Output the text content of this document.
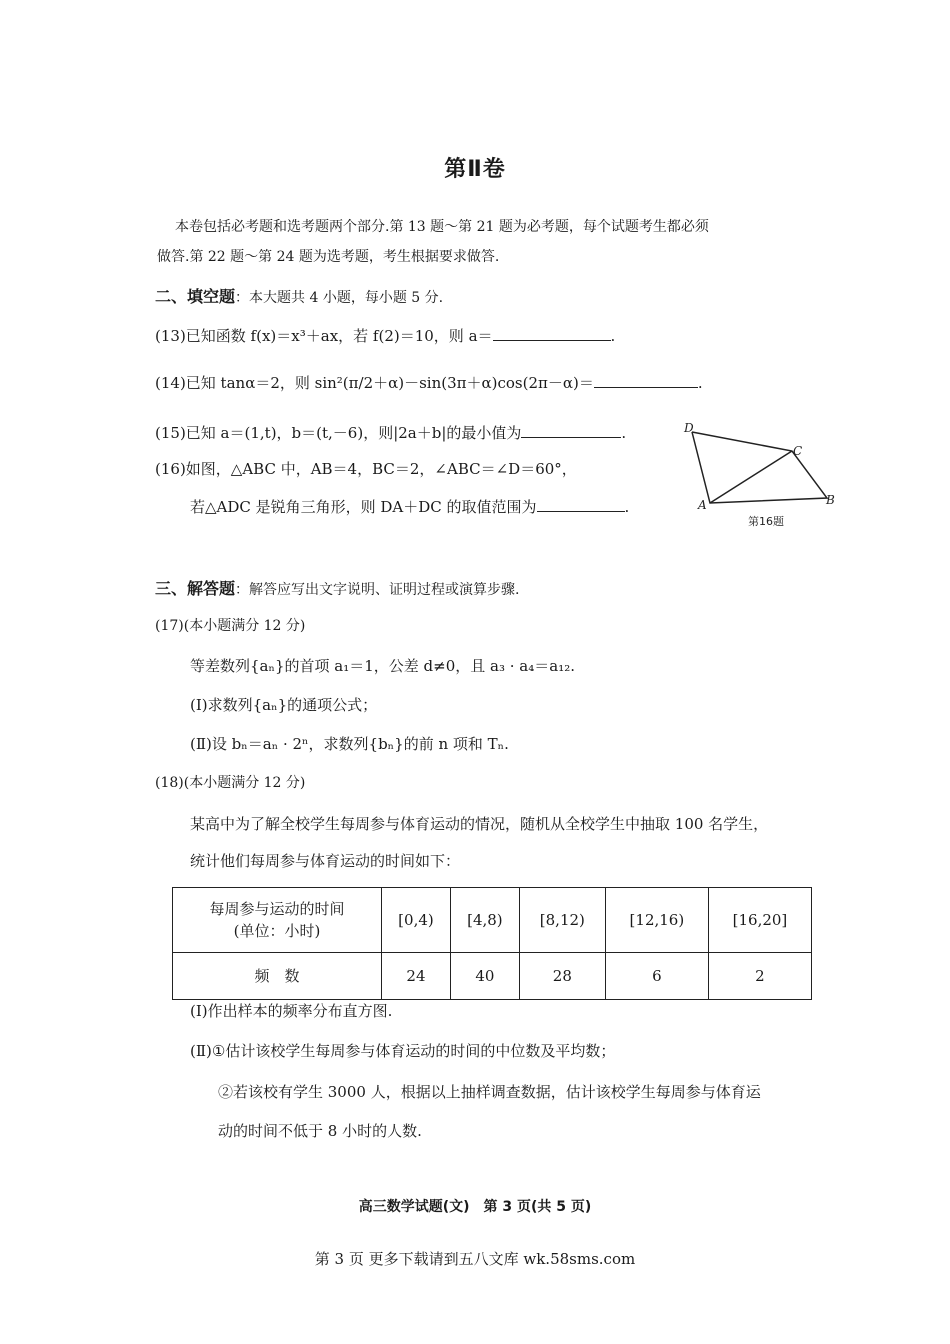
第Ⅱ卷
本卷包括必考题和选考题两个部分.第 13 题～第 21 题为必考题，每个试题考生都必须
做答.第 22 题～第 24 题为选考题，考生根据要求做答.
二、填空题：本大题共 4 小题，每小题 5 分.
(13)已知函数 f(x)＝x³＋ax，若 f(2)＝10，则 a＝	.
(14)已知 tanα＝2，则 sin²(π/2＋α)－sin(3π＋α)cos(2π－α)＝	.
(15)已知 a＝(1,t)，b＝(t,－6)，则|2a＋b|的最小值为	.
(16)如图，△ABC 中，AB＝4，BC＝2，∠ABC＝∠D＝60°，
若△ADC 是锐角三角形，则 DA＋DC 的取值范围为	.
D
C
A	B
第16题
三、解答题：解答应写出文字说明、证明过程或演算步骤.
(17)(本小题满分 12 分)
等差数列{aₙ}的首项 a₁＝1，公差 d≠0，且 a₃ · a₄＝a₁₂.
(Ⅰ)求数列{aₙ}的通项公式；
(Ⅱ)设 bₙ＝aₙ · 2ⁿ，求数列{bₙ}的前 n 项和 Tₙ.
(18)(本小题满分 12 分)
某高中为了解全校学生每周参与体育运动的情况，随机从全校学生中抽取 100 名学生，
统计他们每周参与体育运动的时间如下：
每周参与运动的时间
(单位：小时)	[0,4)	[4,8)	[8,12)	[12,16)	[16,20]
频　数	24	40	28	6	2
(Ⅰ)作出样本的频率分布直方图.
(Ⅱ)①估计该校学生每周参与体育运动的时间的中位数及平均数；
②若该校有学生 3000 人，根据以上抽样调查数据，估计该校学生每周参与体育运
动的时间不低于 8 小时的人数.
高三数学试题(文)　第 3 页(共 5 页)
第 3 页 更多下载请到五八文库 wk.58sms.com
